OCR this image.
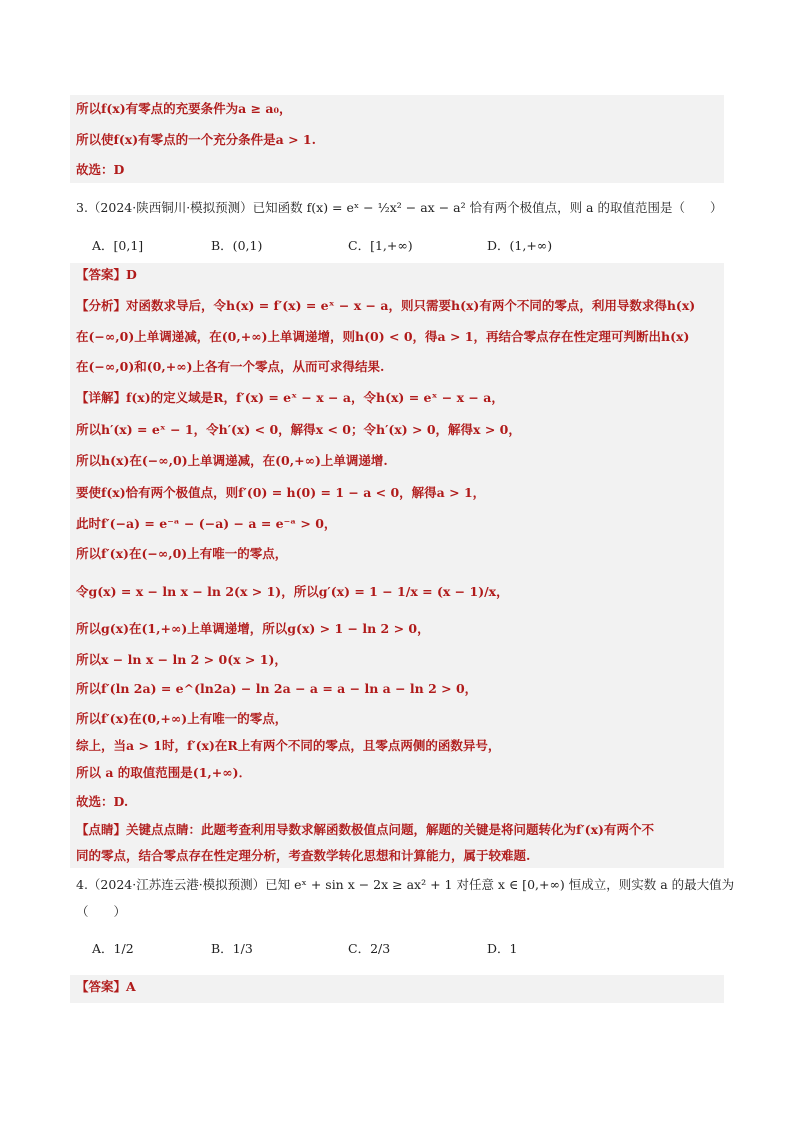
所以f(x)有零点的充要条件为a ≥ a₀，
所以使f(x)有零点的一个充分条件是a > 1.
故选：D
3.（2024·陕西铜川·模拟预测）已知函数 f(x) = eˣ − ½x² − ax − a² 恰有两个极值点，则 a 的取值范围是（　　）
A．[0,1]	B．(0,1)	C．[1,+∞)	D．(1,+∞)
【答案】D
【分析】对函数求导后，令h(x) = f′(x) = eˣ − x − a，则只需要h(x)有两个不同的零点，利用导数求得h(x)
在(−∞,0)上单调递减，在(0,+∞)上单调递增，则h(0) < 0，得a > 1，再结合零点存在性定理可判断出h(x)
在(−∞,0)和(0,+∞)上各有一个零点，从而可求得结果.
【详解】f(x)的定义域是R，f′(x) = eˣ − x − a，令h(x) = eˣ − x − a，
所以h′(x) = eˣ − 1，令h′(x) < 0，解得x < 0；令h′(x) > 0，解得x > 0，
所以h(x)在(−∞,0)上单调递减，在(0,+∞)上单调递增.
要使f(x)恰有两个极值点，则f′(0) = h(0) = 1 − a < 0，解得a > 1，
此时f′(−a) = e⁻ᵃ − (−a) − a = e⁻ᵃ > 0，
所以f′(x)在(−∞,0)上有唯一的零点，
令g(x) = x − ln x − ln 2(x > 1)，所以g′(x) = 1 − 1/x = (x − 1)/x，
所以g(x)在(1,+∞)上单调递增，所以g(x) > 1 − ln 2 > 0，
所以x − ln x − ln 2 > 0(x > 1)，
所以f′(ln 2a) = e^(ln2a) − ln 2a − a = a − ln a − ln 2 > 0，
所以f′(x)在(0,+∞)上有唯一的零点，
综上，当a > 1时，f′(x)在R上有两个不同的零点，且零点两侧的函数异号，
所以 a 的取值范围是(1,+∞)．
故选：D.
【点睛】关键点点睛：此题考查利用导数求解函数极值点问题，解题的关键是将问题转化为f′(x)有两个不
同的零点，结合零点存在性定理分析，考查数学转化思想和计算能力，属于较难题.
4.（2024·江苏连云港·模拟预测）已知 eˣ + sin x − 2x ≥ ax² + 1 对任意 x ∈ [0,+∞) 恒成立，则实数 a 的最大值为
（　　）
A．1/2	B．1/3	C．2/3	D．1
【答案】A
